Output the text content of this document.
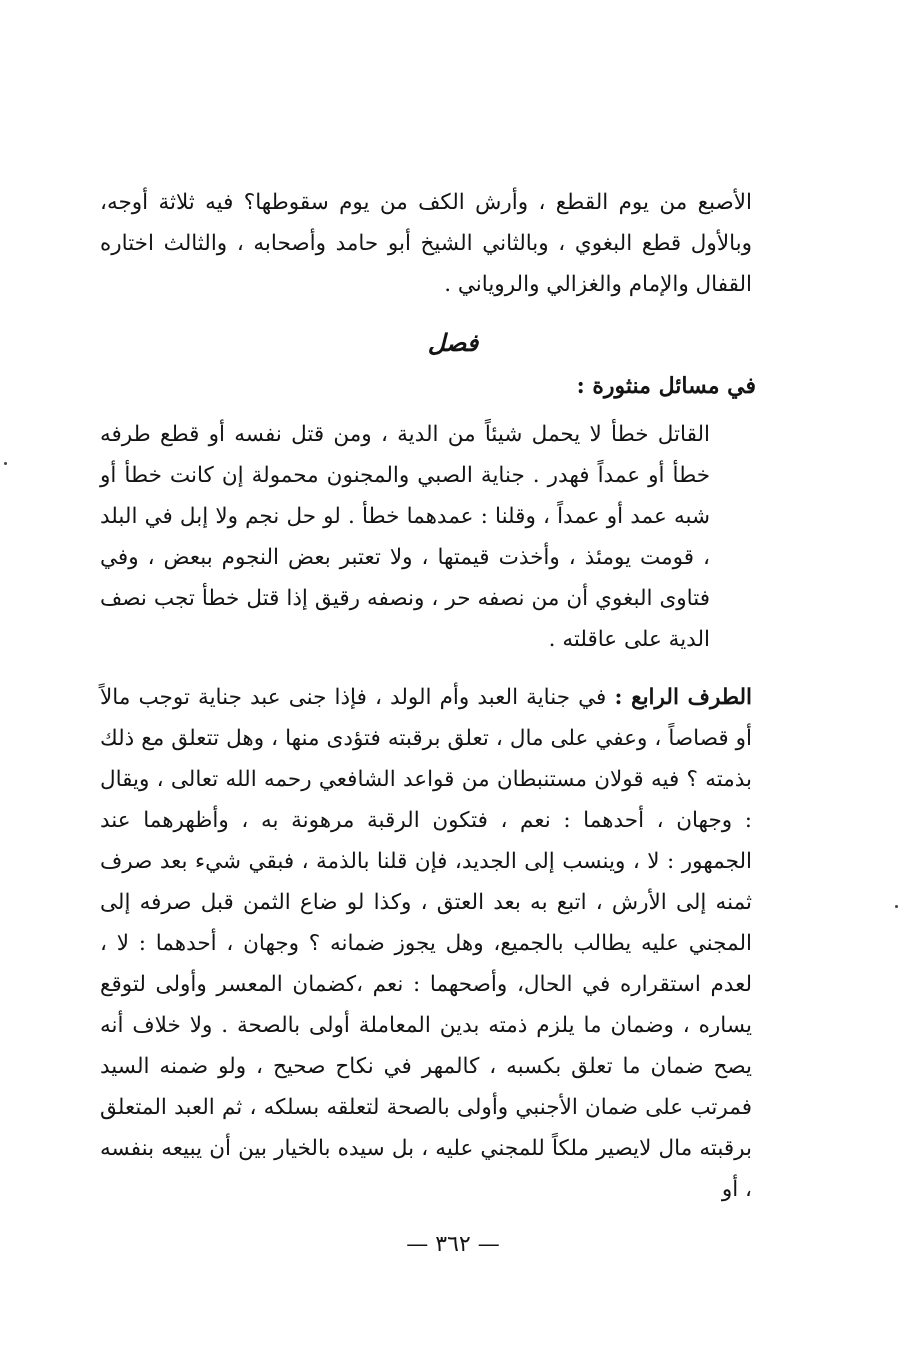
الأصبع من يوم القطع ، وأرش الكف من يوم سقوطها؟ فيه ثلاثة أوجه، وبالأول قطع البغوي ، وبالثاني الشيخ أبو حامد وأصحابه ، والثالث اختاره القفال والإمام والغزالي والروياني .

فصل
في مسائل منثورة :

القاتل خطأ لا يحمل شيئاً من الدية ، ومن قتل نفسه أو قطع طرفه خطأ أو عمداً فهدر . جناية الصبي والمجنون محمولة إن كانت خطأ أو شبه عمد أو عمداً ، وقلنا : عمدهما خطأ . لو حل نجم ولا إبل في البلد ، قومت يومئذ ، وأخذت قيمتها ، ولا تعتبر بعض النجوم ببعض ، وفي فتاوى البغوي أن من نصفه حر ، ونصفه رقيق إذا قتل خطأ تجب نصف الدية على عاقلته .

الطرف الرابع : في جناية العبد وأم الولد ، فإذا جنى عبد جناية توجب مالاً أو قصاصاً ، وعفي على مال ، تعلق برقبته فتؤدى منها ، وهل تتعلق مع ذلك بذمته ؟ فيه قولان مستنبطان من قواعد الشافعي رحمه الله تعالى ، ويقال : وجهان ، أحدهما : نعم ، فتكون الرقبة مرهونة به ، وأظهرهما عند الجمهور : لا ، وينسب إلى الجديد، فإن قلنا بالذمة ، فبقي شيء بعد صرف ثمنه إلى الأرش ، اتبع به بعد العتق ، وكذا لو ضاع الثمن قبل صرفه إلى المجني عليه يطالب بالجميع، وهل يجوز ضمانه ؟ وجهان ، أحدهما : لا ، لعدم استقراره في الحال، وأصحهما : نعم ،كضمان المعسر وأولى لتوقع يساره ، وضمان ما يلزم ذمته بدين المعاملة أولى بالصحة . ولا خلاف أنه يصح ضمان ما تعلق بكسبه ، كالمهر في نكاح صحيح ، ولو ضمنه السيد فمرتب على ضمان الأجنبي وأولى بالصحة لتعلقه بسلكه ، ثم العبد المتعلق برقبته مال لايصير ملكاً للمجني عليه ، بل سيده بالخيار بين أن يبيعه بنفسه ، أو

— ٣٦٢ —
